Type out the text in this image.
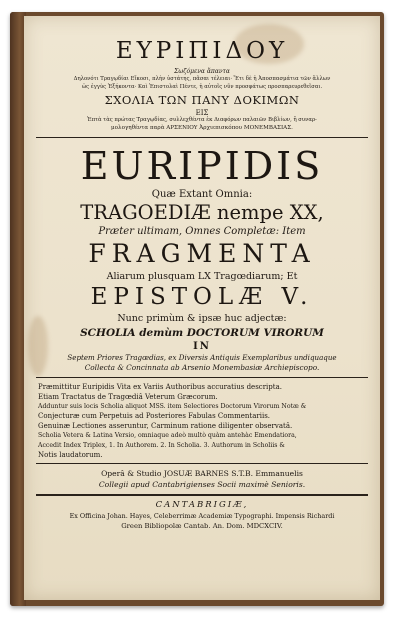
ΕΥΡΙΠΙΔΟΥ
Σωζόμενα ἅπαντα
Δηλονότι Τραγῳδίαι Εἴκοσι, πλὴν ὑστάτης, πᾶσαι τέλειαι· Ἔτι δὲ ἡ Ἀποσπασμάτια τῶν ἄλλων
ὡς ἐγγὺς Ἑξήκοντα· Καὶ Ἐπιστολαὶ Πέντε, ἡ αὐτοῖς νῦν προσφάτως προσπαρευρεθεῖσαι.
ΣΧΟΛΙΑ ΤΩΝ ΠΑΝΥ ΔΟΚΙΜΩΝ
ΕΙΣ
Ἑπτὰ τὰς πρώτας Τραγῳδίας, συλλεχθέντα ἐκ Διαφόρων παλαιῶν Βιβλίων, ἢ συναρ-
μολογηθέντα παρὰ ΑΡΣΕΝΙΟΥ Ἀρχιεπισκόπου ΜΟΝΕΜΒΑΣΙΑΣ.
EURIPIDIS
Quæ Extant Omnia:
TRAGOEDIÆ nempe XX,
Præter ultimam, Omnes Completæ: Item
FRAGMENTA
Aliarum plusquam LX Tragœdiarum; Et
EPISTOLÆ V.
Nunc primùm & ipsæ huc adjectæ:
SCHOLIA demùm DOCTORUM VIRORUM
IN
Septem Priores Tragœdias, ex Diversis Antiquis Exemplaribus undiquaque
Collecta & Concinnata ab Arsenio Monembasiæ Archiepiscopo.
Præmittitur Euripidis Vita ex Variis Authoribus accuratius descripta.
Etiam Tractatus de Tragœdiâ Veterum Græcorum.
Adduntur suis locis Scholia aliquot MSS. item Selectiores Doctorum Virorum Notæ &
Conjecturæ cum Perpetuis ad Posteriores Fabulas Commentariis.
Genuinæ Lectiones asseruntur, Carminum ratione diligenter observatâ.
Scholia Vetera & Latina Versio, omniaque adeò multò quàm antehàc Emendatiora,
Accedit Index Triplex, 1. In Authorem. 2. In Scholia. 3. Authorum in Scholiis &
Notis laudatorum.
Operâ & Studio JOSUÆ BARNES S.T.B. Emmanuelis
Collegii apud Cantabrigienses Socii maximè Senioris.
CANTABRIGIÆ,
Ex Officina Johan. Hayes, Celeberrimæ Academiæ Typographi. Impensis Richardi
Green Bibliopolæ Cantab. An. Dom. MDCXCIV.
